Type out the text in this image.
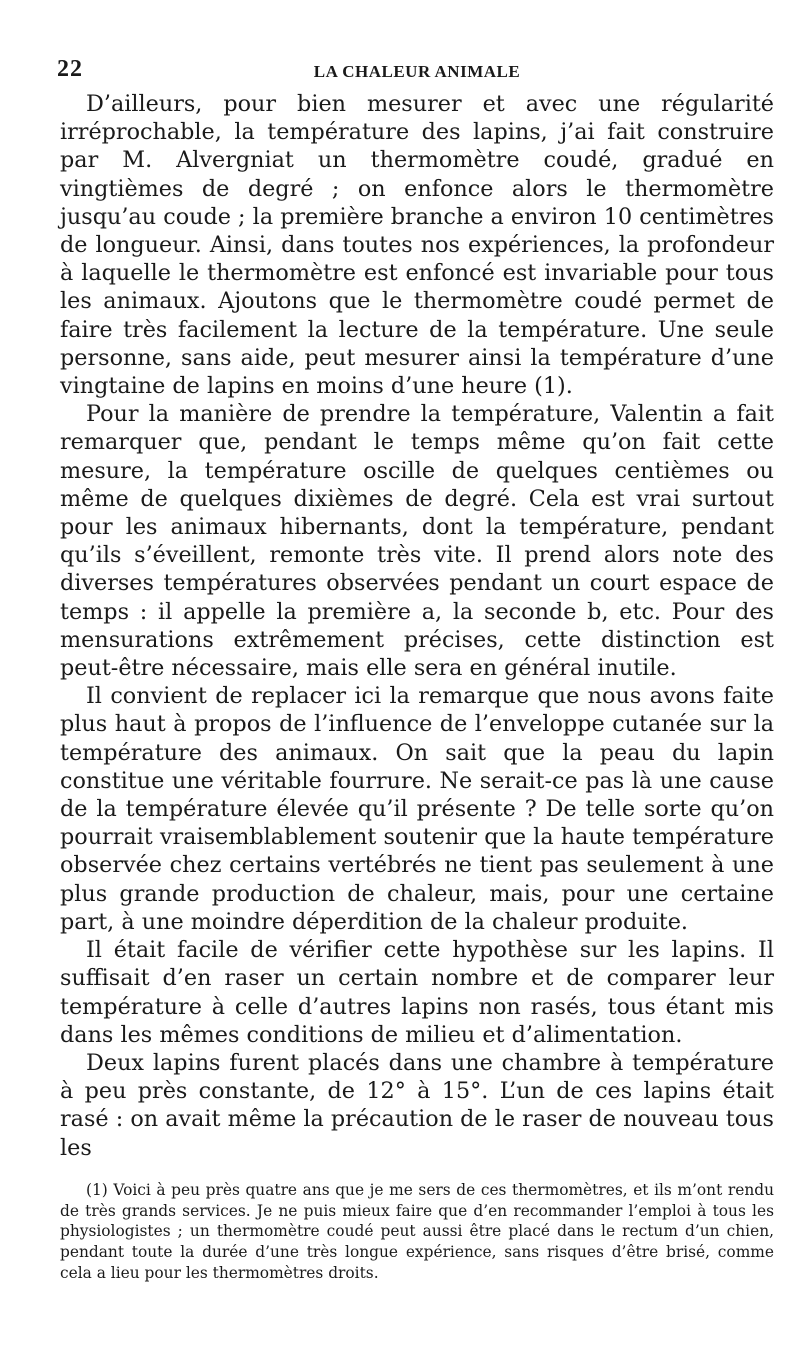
22	LA CHALEUR ANIMALE

D’ailleurs, pour bien mesurer et avec une régularité irréprochable, la température des lapins, j’ai fait construire par M. Alvergniat un thermomètre coudé, gradué en vingtièmes de degré ; on enfonce alors le thermomètre jusqu’au coude ; la première branche a environ 10 centimètres de longueur. Ainsi, dans toutes nos expériences, la profondeur à laquelle le thermomètre est enfoncé est invariable pour tous les animaux. Ajoutons que le thermomètre coudé permet de faire très facilement la lecture de la température. Une seule personne, sans aide, peut mesurer ainsi la température d’une vingtaine de lapins en moins d’une heure (1).

Pour la manière de prendre la température, Valentin a fait remarquer que, pendant le temps même qu’on fait cette mesure, la température oscille de quelques centièmes ou même de quelques dixièmes de degré. Cela est vrai surtout pour les animaux hibernants, dont la température, pendant qu’ils s’éveillent, remonte très vite. Il prend alors note des diverses températures observées pendant un court espace de temps : il appelle la première a, la seconde b, etc. Pour des mensurations extrêmement précises, cette distinction est peut-être nécessaire, mais elle sera en général inutile.

Il convient de replacer ici la remarque que nous avons faite plus haut à propos de l’influence de l’enveloppe cutanée sur la température des animaux. On sait que la peau du lapin constitue une véritable fourrure. Ne serait-ce pas là une cause de la température élevée qu’il présente ? De telle sorte qu’on pourrait vraisemblablement soutenir que la haute température observée chez certains vertébrés ne tient pas seulement à une plus grande production de chaleur, mais, pour une certaine part, à une moindre déperdition de la chaleur produite.

Il était facile de vérifier cette hypothèse sur les lapins. Il suffisait d’en raser un certain nombre et de comparer leur température à celle d’autres lapins non rasés, tous étant mis dans les mêmes conditions de milieu et d’alimentation.

Deux lapins furent placés dans une chambre à température à peu près constante, de 12° à 15°. L’un de ces lapins était rasé : on avait même la précaution de le raser de nouveau tous les

(1) Voici à peu près quatre ans que je me sers de ces thermomètres, et ils m’ont rendu de très grands services. Je ne puis mieux faire que d’en recommander l’emploi à tous les physiologistes ; un thermomètre coudé peut aussi être placé dans le rectum d’un chien, pendant toute la durée d’une très longue expérience, sans risques d’être brisé, comme cela a lieu pour les thermomètres droits.
